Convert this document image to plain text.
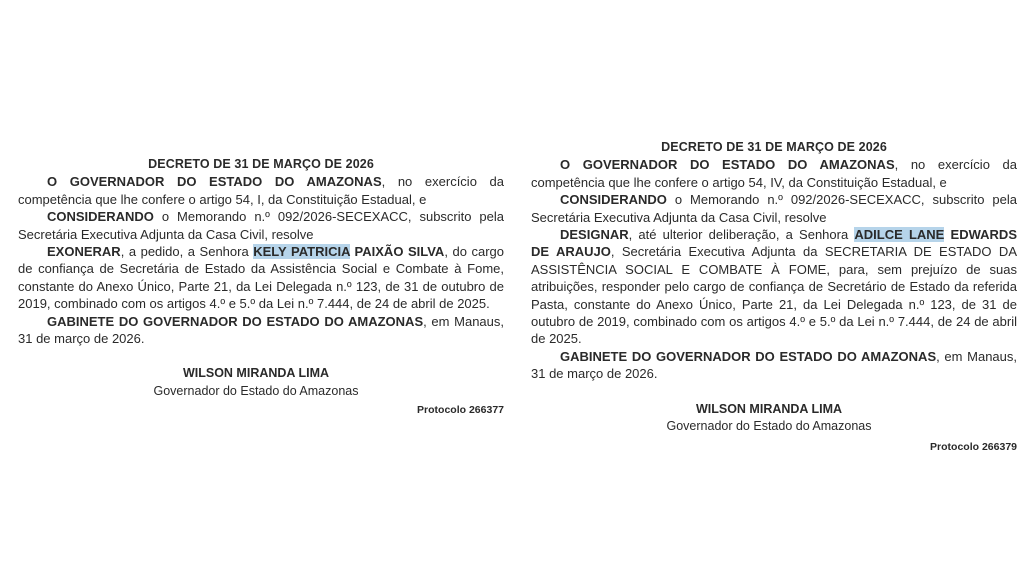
DECRETO DE 31 DE MARÇO DE 2026

O GOVERNADOR DO ESTADO DO AMAZONAS, no exercício da competência que lhe confere o artigo 54, I, da Constituição Estadual, e

CONSIDERANDO o Memorando n.º 092/2026-SECEXACC, subscrito pela Secretária Executiva Adjunta da Casa Civil, resolve

EXONERAR, a pedido, a Senhora KELY PATRICIA PAIXÃO SILVA, do cargo de confiança de Secretária de Estado da Assistência Social e Combate à Fome, constante do Anexo Único, Parte 21, da Lei Delegada n.º 123, de 31 de outubro de 2019, combinado com os artigos 4.º e 5.º da Lei n.º 7.444, de 24 de abril de 2025.

GABINETE DO GOVERNADOR DO ESTADO DO AMAZONAS, em Manaus, 31 de março de 2026.

WILSON MIRANDA LIMA
Governador do Estado do Amazonas
Protocolo 266377
DECRETO DE 31 DE MARÇO DE 2026

O GOVERNADOR DO ESTADO DO AMAZONAS, no exercício da competência que lhe confere o artigo 54, IV, da Constituição Estadual, e

CONSIDERANDO o Memorando n.º 092/2026-SECEXACC, subscrito pela Secretária Executiva Adjunta da Casa Civil, resolve

DESIGNAR, até ulterior deliberação, a Senhora ADILCE LANE EDWARDS DE ARAUJO, Secretária Executiva Adjunta da SECRETARIA DE ESTADO DA ASSISTÊNCIA SOCIAL E COMBATE À FOME, para, sem prejuízo de suas atribuições, responder pelo cargo de confiança de Secretário de Estado da referida Pasta, constante do Anexo Único, Parte 21, da Lei Delegada n.º 123, de 31 de outubro de 2019, combinado com os artigos 4.º e 5.º da Lei n.º 7.444, de 24 de abril de 2025.

GABINETE DO GOVERNADOR DO ESTADO DO AMAZONAS, em Manaus, 31 de março de 2026.

WILSON MIRANDA LIMA
Governador do Estado do Amazonas
Protocolo 266379
